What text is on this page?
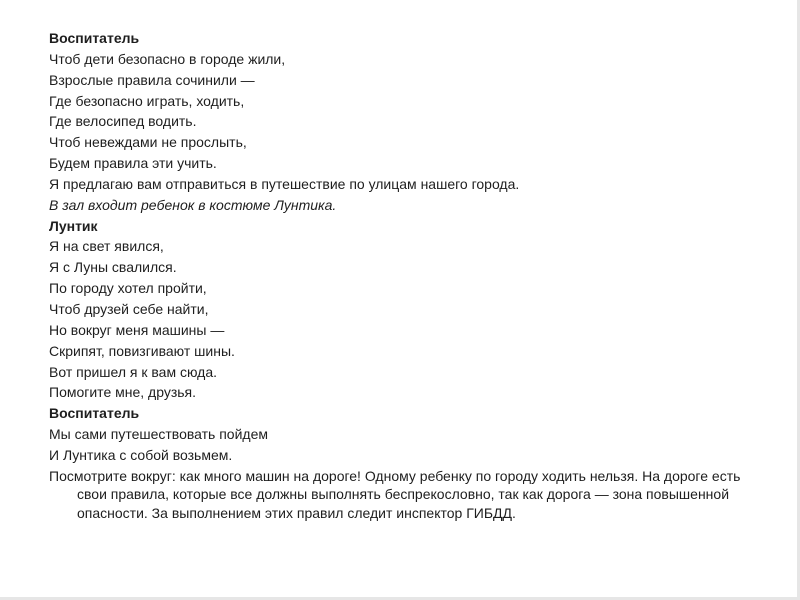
Воспитатель
Чтоб дети безопасно в городе жили,
Взрослые правила сочинили —
Где безопасно играть, ходить,
Где велосипед водить.
Чтоб невеждами не прослыть,
Будем правила эти учить.
Я предлагаю вам отправиться в путешествие по улицам нашего города.
В зал входит ребенок в костюме Лунтика.
Лунтик
Я на свет явился,
Я с Луны свалился.
По городу хотел пройти,
Чтоб друзей себе найти,
Но вокруг меня машины —
Скрипят, повизгивают шины.
Вот пришел я к вам сюда.
Помогите мне, друзья.
Воспитатель
Мы сами путешествовать пойдем
И Лунтика с собой возьмем.
Посмотрите вокруг: как много машин на дороге! Одному ребенку по городу ходить нельзя. На дороге есть свои правила, которые все должны выполнять беспрекословно, так как дорога — зона повышенной опасности. За выполнением этих правил следит инспектор ГИБДД.
